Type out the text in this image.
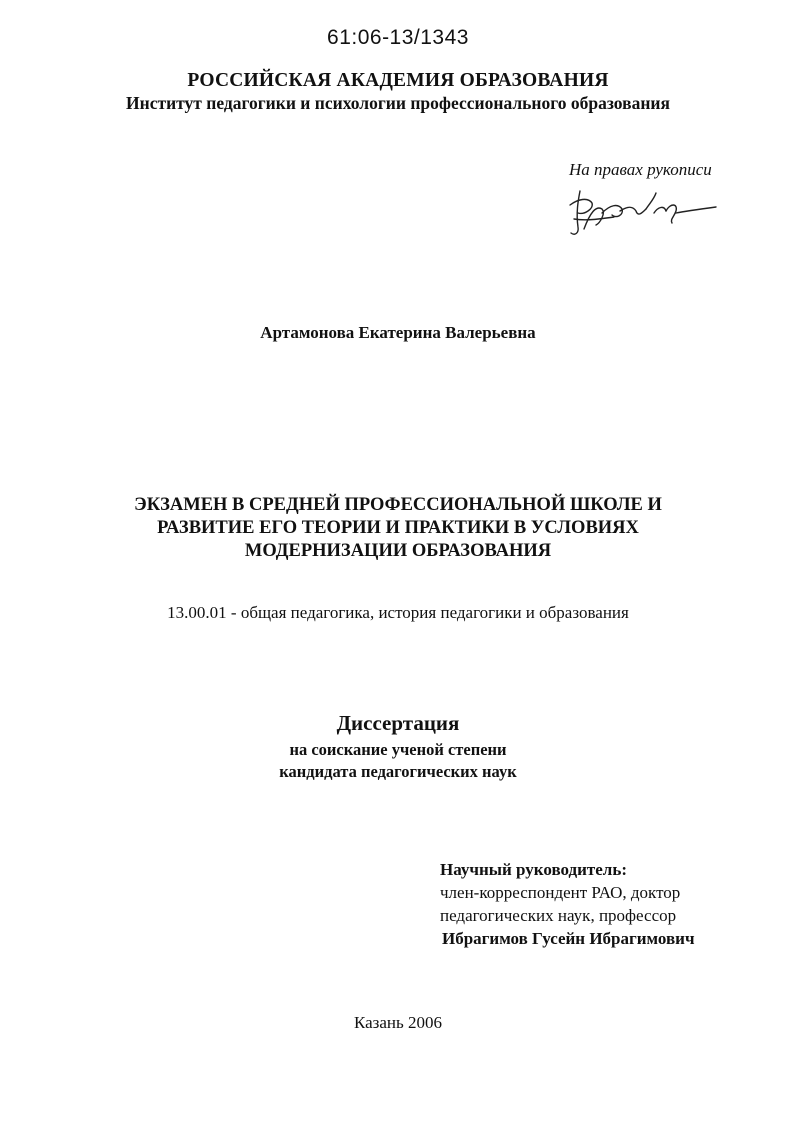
61:06-13/1343
РОССИЙСКАЯ АКАДЕМИЯ ОБРАЗОВАНИЯ
Институт педагогики и психологии профессионального образования
На правах рукописи
Артамонова Екатерина Валерьевна
ЭКЗАМЕН В СРЕДНЕЙ ПРОФЕССИОНАЛЬНОЙ ШКОЛЕ И
РАЗВИТИЕ ЕГО ТЕОРИИ И ПРАКТИКИ В УСЛОВИЯХ
МОДЕРНИЗАЦИИ ОБРАЗОВАНИЯ
13.00.01 - общая педагогика, история педагогики и образования
Диссертация
на соискание ученой степени
кандидата педагогических наук
Научный руководитель:
член-корреспондент РАО, доктор
педагогических наук, профессор
Ибрагимов Гусейн Ибрагимович
Казань 2006
